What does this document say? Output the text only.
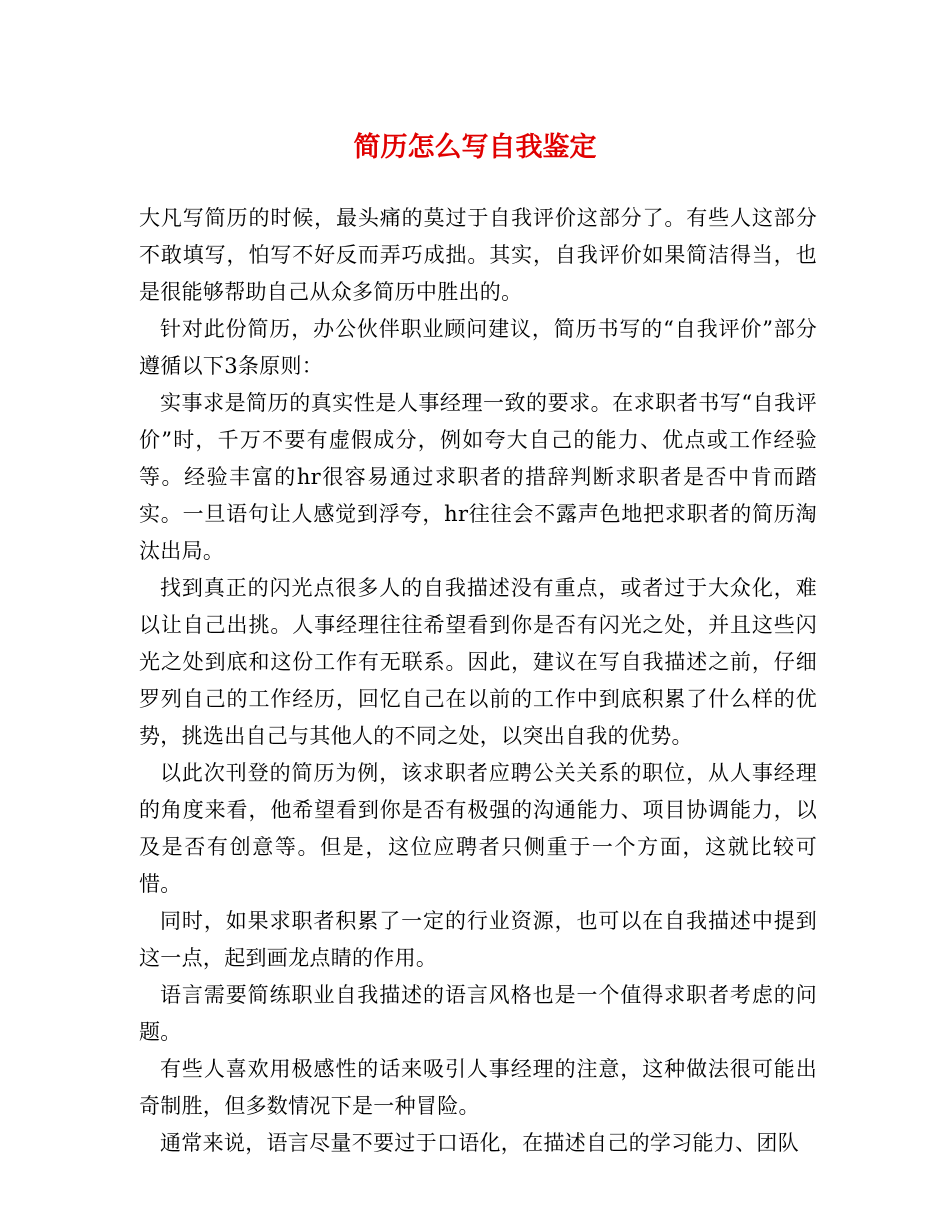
简历怎么写自我鉴定

大凡写简历的时候，最头痛的莫过于自我评价这部分了。有些人这部分不敢填写，怕写不好反而弄巧成拙。其实，自我评价如果简洁得当，也是很能够帮助自己从众多简历中胜出的。

针对此份简历，办公伙伴职业顾问建议，简历书写的“自我评价”部分遵循以下3条原则：

实事求是简历的真实性是人事经理一致的要求。在求职者书写“自我评价”时，千万不要有虚假成分，例如夸大自己的能力、优点或工作经验等。经验丰富的hr很容易通过求职者的措辞判断求职者是否中肯而踏实。一旦语句让人感觉到浮夸，hr往往会不露声色地把求职者的简历淘汰出局。

找到真正的闪光点很多人的自我描述没有重点，或者过于大众化，难以让自己出挑。人事经理往往希望看到你是否有闪光之处，并且这些闪光之处到底和这份工作有无联系。因此，建议在写自我描述之前，仔细罗列自己的工作经历，回忆自己在以前的工作中到底积累了什么样的优势，挑选出自己与其他人的不同之处，以突出自我的优势。

以此次刊登的简历为例，该求职者应聘公关关系的职位，从人事经理的角度来看，他希望看到你是否有极强的沟通能力、项目协调能力，以及是否有创意等。但是，这位应聘者只侧重于一个方面，这就比较可惜。

同时，如果求职者积累了一定的行业资源，也可以在自我描述中提到这一点，起到画龙点睛的作用。

语言需要简练职业自我描述的语言风格也是一个值得求职者考虑的问题。

有些人喜欢用极感性的话来吸引人事经理的注意，这种做法很可能出奇制胜，但多数情况下是一种冒险。

通常来说，语言尽量不要过于口语化，在描述自己的学习能力、团队
